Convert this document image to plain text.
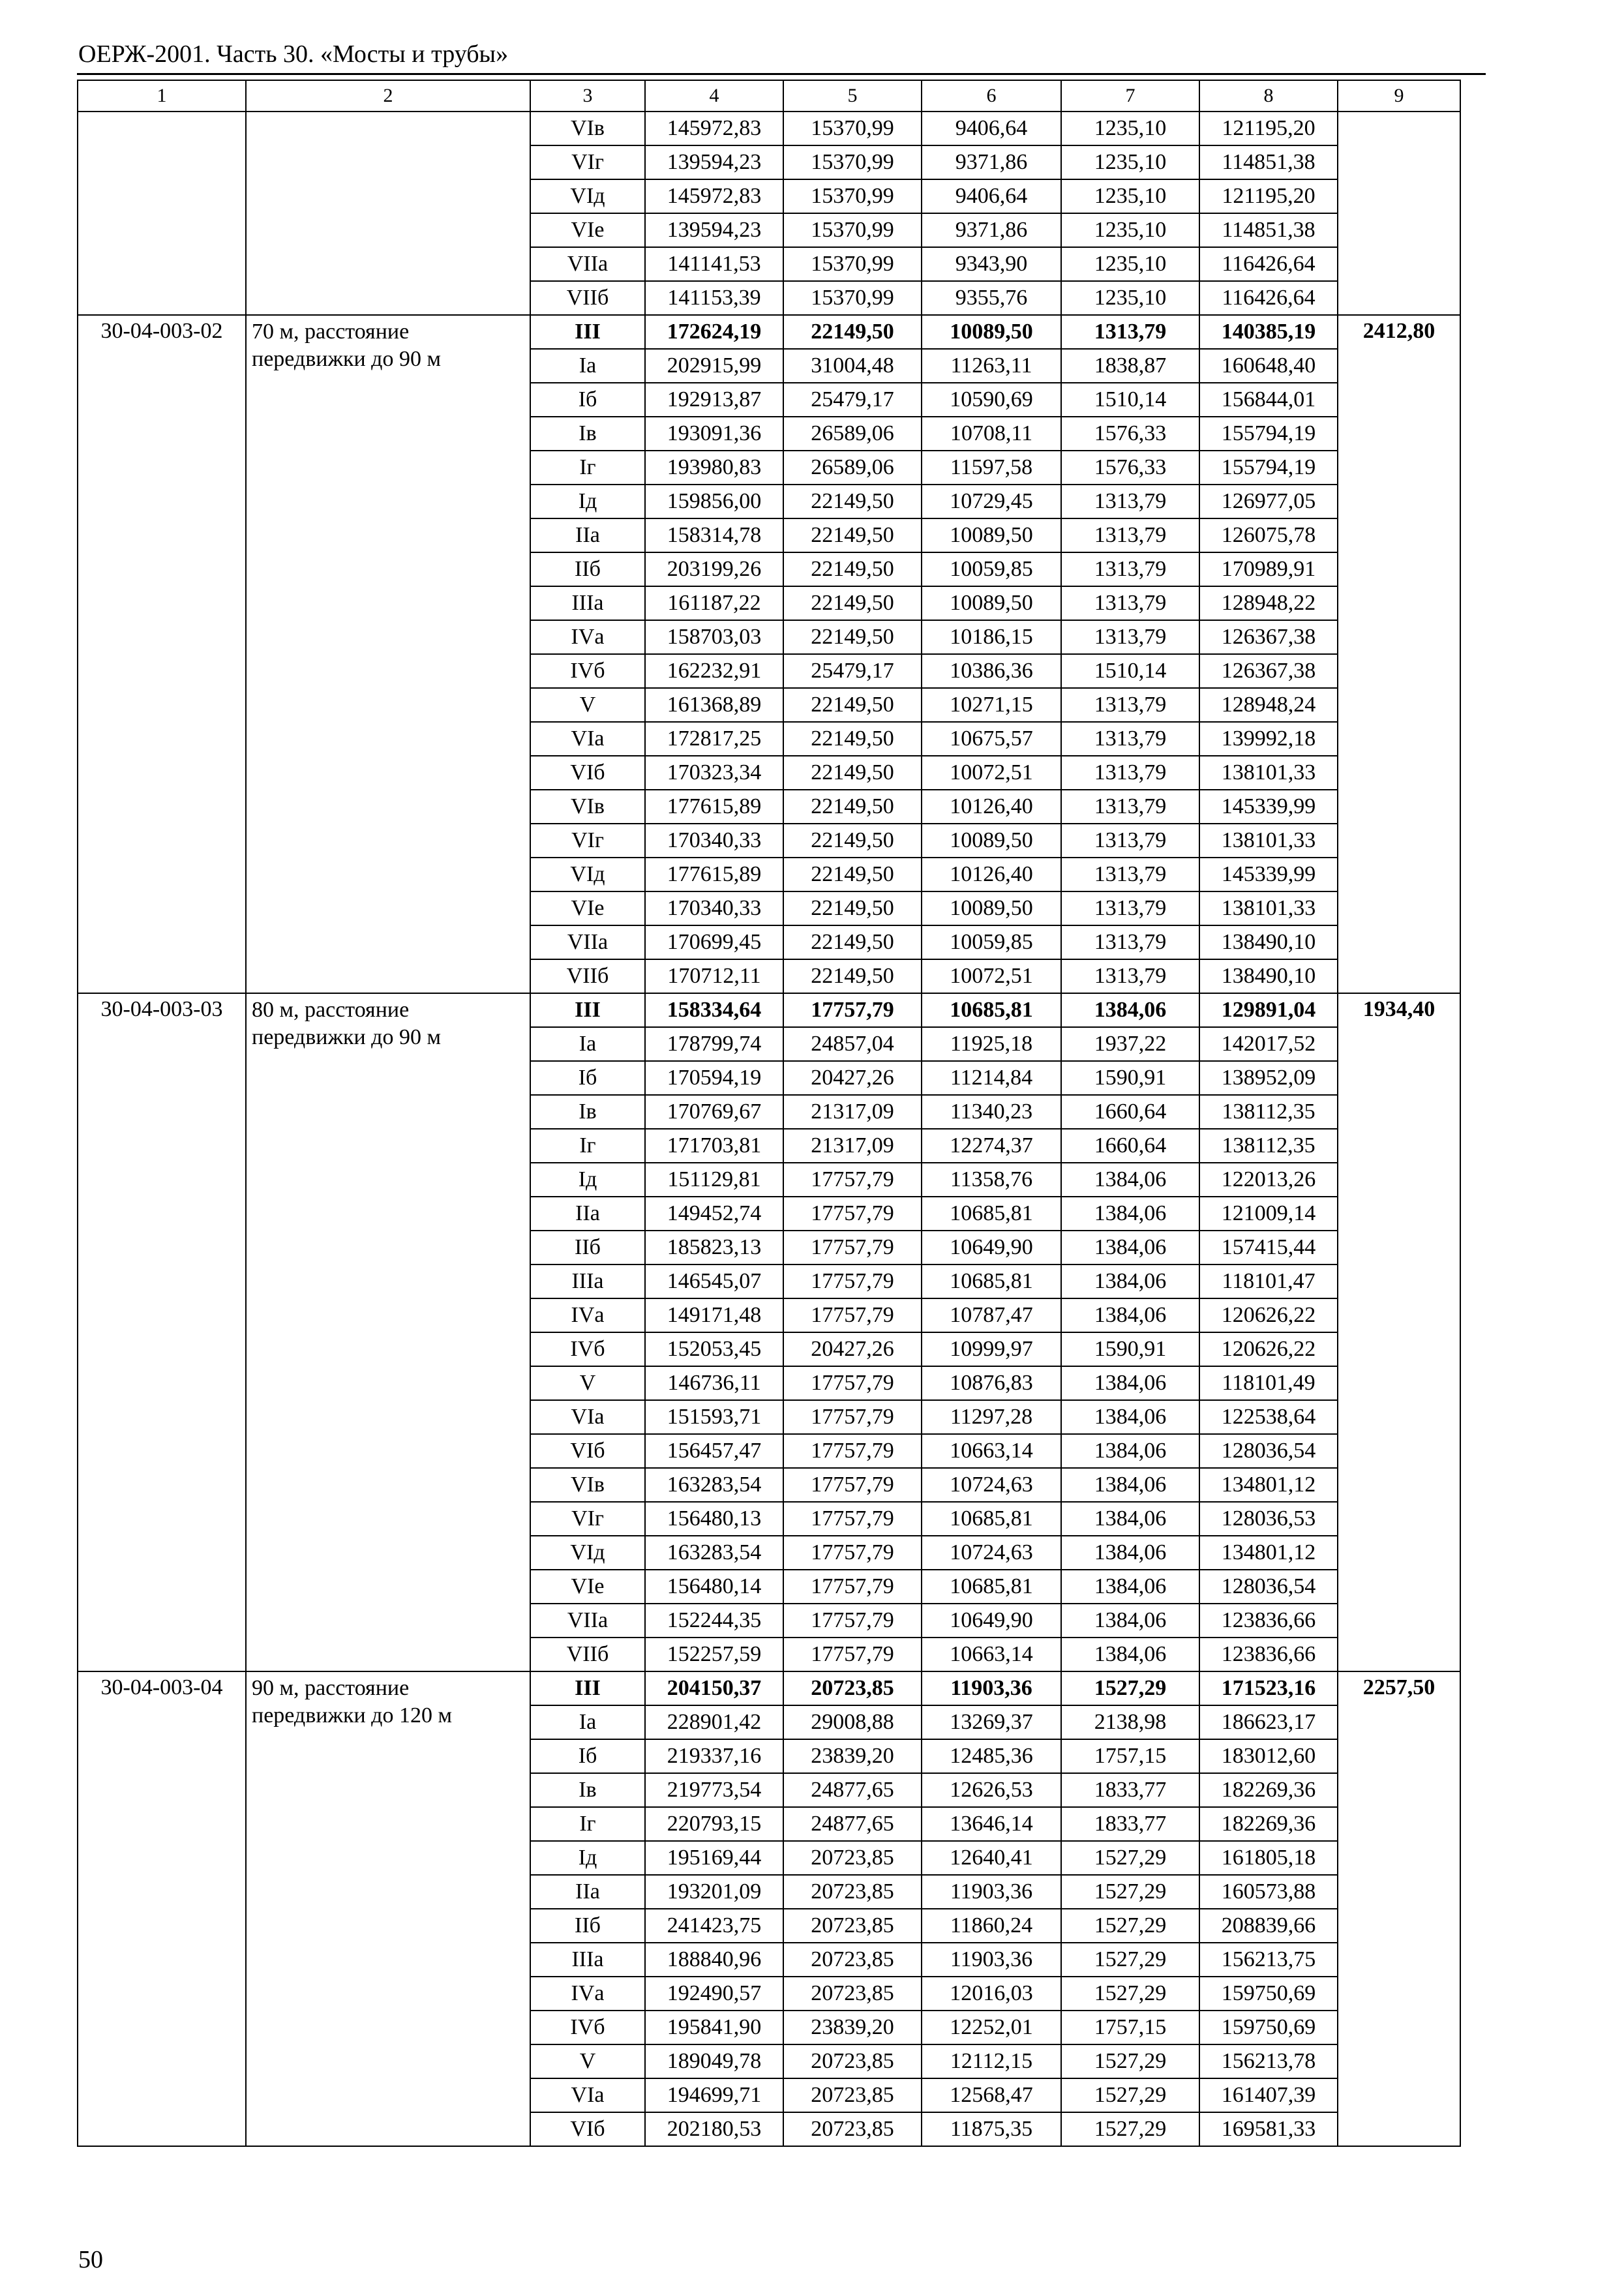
ОЕРЖ-2001. Часть 30. «Мосты и трубы»
1	2	3	4	5	6	7	8	9
		VIв	145972,83	15370,99	9406,64	1235,10	121195,20	
		VIг	139594,23	15370,99	9371,86	1235,10	114851,38	
		VIд	145972,83	15370,99	9406,64	1235,10	121195,20	
		VIе	139594,23	15370,99	9371,86	1235,10	114851,38	
		VIIа	141141,53	15370,99	9343,90	1235,10	116426,64	
		VIIб	141153,39	15370,99	9355,76	1235,10	116426,64	
30-04-003-02	70 м, расстояние передвижки до 90 м	III	172624,19	22149,50	10089,50	1313,79	140385,19	2412,80
		Iа	202915,99	31004,48	11263,11	1838,87	160648,40	
		Iб	192913,87	25479,17	10590,69	1510,14	156844,01	
		Iв	193091,36	26589,06	10708,11	1576,33	155794,19	
		Iг	193980,83	26589,06	11597,58	1576,33	155794,19	
		Iд	159856,00	22149,50	10729,45	1313,79	126977,05	
		IIа	158314,78	22149,50	10089,50	1313,79	126075,78	
		IIб	203199,26	22149,50	10059,85	1313,79	170989,91	
		IIIа	161187,22	22149,50	10089,50	1313,79	128948,22	
		IVа	158703,03	22149,50	10186,15	1313,79	126367,38	
		IVб	162232,91	25479,17	10386,36	1510,14	126367,38	
		V	161368,89	22149,50	10271,15	1313,79	128948,24	
		VIа	172817,25	22149,50	10675,57	1313,79	139992,18	
		VIб	170323,34	22149,50	10072,51	1313,79	138101,33	
		VIв	177615,89	22149,50	10126,40	1313,79	145339,99	
		VIг	170340,33	22149,50	10089,50	1313,79	138101,33	
		VIд	177615,89	22149,50	10126,40	1313,79	145339,99	
		VIе	170340,33	22149,50	10089,50	1313,79	138101,33	
		VIIа	170699,45	22149,50	10059,85	1313,79	138490,10	
		VIIб	170712,11	22149,50	10072,51	1313,79	138490,10	
30-04-003-03	80 м, расстояние передвижки до 90 м	III	158334,64	17757,79	10685,81	1384,06	129891,04	1934,40
		Iа	178799,74	24857,04	11925,18	1937,22	142017,52	
		Iб	170594,19	20427,26	11214,84	1590,91	138952,09	
		Iв	170769,67	21317,09	11340,23	1660,64	138112,35	
		Iг	171703,81	21317,09	12274,37	1660,64	138112,35	
		Iд	151129,81	17757,79	11358,76	1384,06	122013,26	
		IIа	149452,74	17757,79	10685,81	1384,06	121009,14	
		IIб	185823,13	17757,79	10649,90	1384,06	157415,44	
		IIIа	146545,07	17757,79	10685,81	1384,06	118101,47	
		IVа	149171,48	17757,79	10787,47	1384,06	120626,22	
		IVб	152053,45	20427,26	10999,97	1590,91	120626,22	
		V	146736,11	17757,79	10876,83	1384,06	118101,49	
		VIа	151593,71	17757,79	11297,28	1384,06	122538,64	
		VIб	156457,47	17757,79	10663,14	1384,06	128036,54	
		VIв	163283,54	17757,79	10724,63	1384,06	134801,12	
		VIг	156480,13	17757,79	10685,81	1384,06	128036,53	
		VIд	163283,54	17757,79	10724,63	1384,06	134801,12	
		VIе	156480,14	17757,79	10685,81	1384,06	128036,54	
		VIIа	152244,35	17757,79	10649,90	1384,06	123836,66	
		VIIб	152257,59	17757,79	10663,14	1384,06	123836,66	
30-04-003-04	90 м, расстояние передвижки до 120 м	III	204150,37	20723,85	11903,36	1527,29	171523,16	2257,50
		Iа	228901,42	29008,88	13269,37	2138,98	186623,17	
		Iб	219337,16	23839,20	12485,36	1757,15	183012,60	
		Iв	219773,54	24877,65	12626,53	1833,77	182269,36	
		Iг	220793,15	24877,65	13646,14	1833,77	182269,36	
		Iд	195169,44	20723,85	12640,41	1527,29	161805,18	
		IIа	193201,09	20723,85	11903,36	1527,29	160573,88	
		IIб	241423,75	20723,85	11860,24	1527,29	208839,66	
		IIIа	188840,96	20723,85	11903,36	1527,29	156213,75	
		IVа	192490,57	20723,85	12016,03	1527,29	159750,69	
		IVб	195841,90	23839,20	12252,01	1757,15	159750,69	
		V	189049,78	20723,85	12112,15	1527,29	156213,78	
		VIа	194699,71	20723,85	12568,47	1527,29	161407,39	
		VIб	202180,53	20723,85	11875,35	1527,29	169581,33	
50
